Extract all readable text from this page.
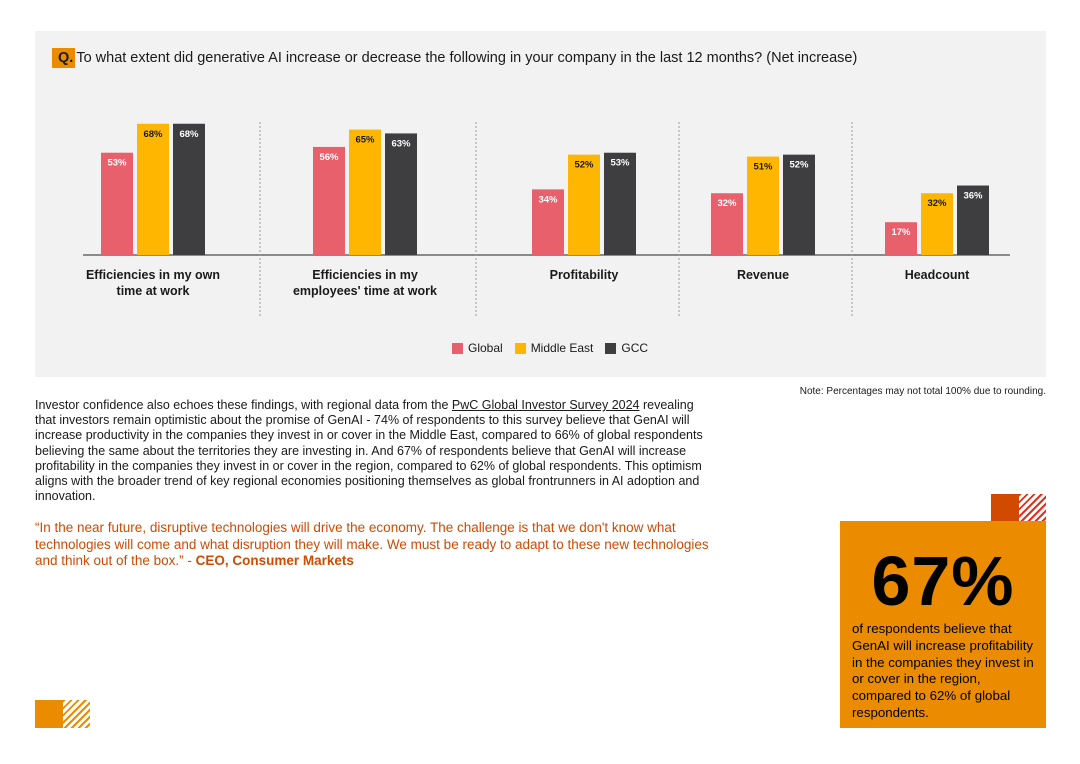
Q. To what extent did generative AI increase or decrease the following in your company in the last 12 months? (Net increase)
53%
68% 68%
Efficiencies in my own
time at work
56%
65% 63%
Efficiencies in my
employees' time at work
34%
52% 53%
Profitability
32%
51% 52%
Revenue
17%
32%
36%
Headcount
Global Middle East GCC
Note: Percentages may not total 100% due to rounding.
Investor confidence also echoes these findings, with regional data from the PwC Global Investor Survey 2024 revealing that investors remain optimistic about the promise of GenAI - 74% of respondents to this survey believe that GenAI will increase productivity in the companies they invest in or cover in the Middle East, compared to 66% of global respondents believing the same about the territories they are investing in. And 67% of respondents believe that GenAI will increase profitability in the companies they invest in or cover in the region, compared to 62% of global respondents. This optimism aligns with the broader trend of key regional economies positioning themselves as global frontrunners in AI adoption and innovation.
“In the near future, disruptive technologies will drive the economy. The challenge is that we don't know what technologies will come and what disruption they will make. We must be ready to adapt to these new technologies and think out of the box.” - CEO, Consumer Markets	67%
of respondents believe that GenAI will increase profitability in the companies they invest in or cover in the region, compared to 62% of global respondents.
